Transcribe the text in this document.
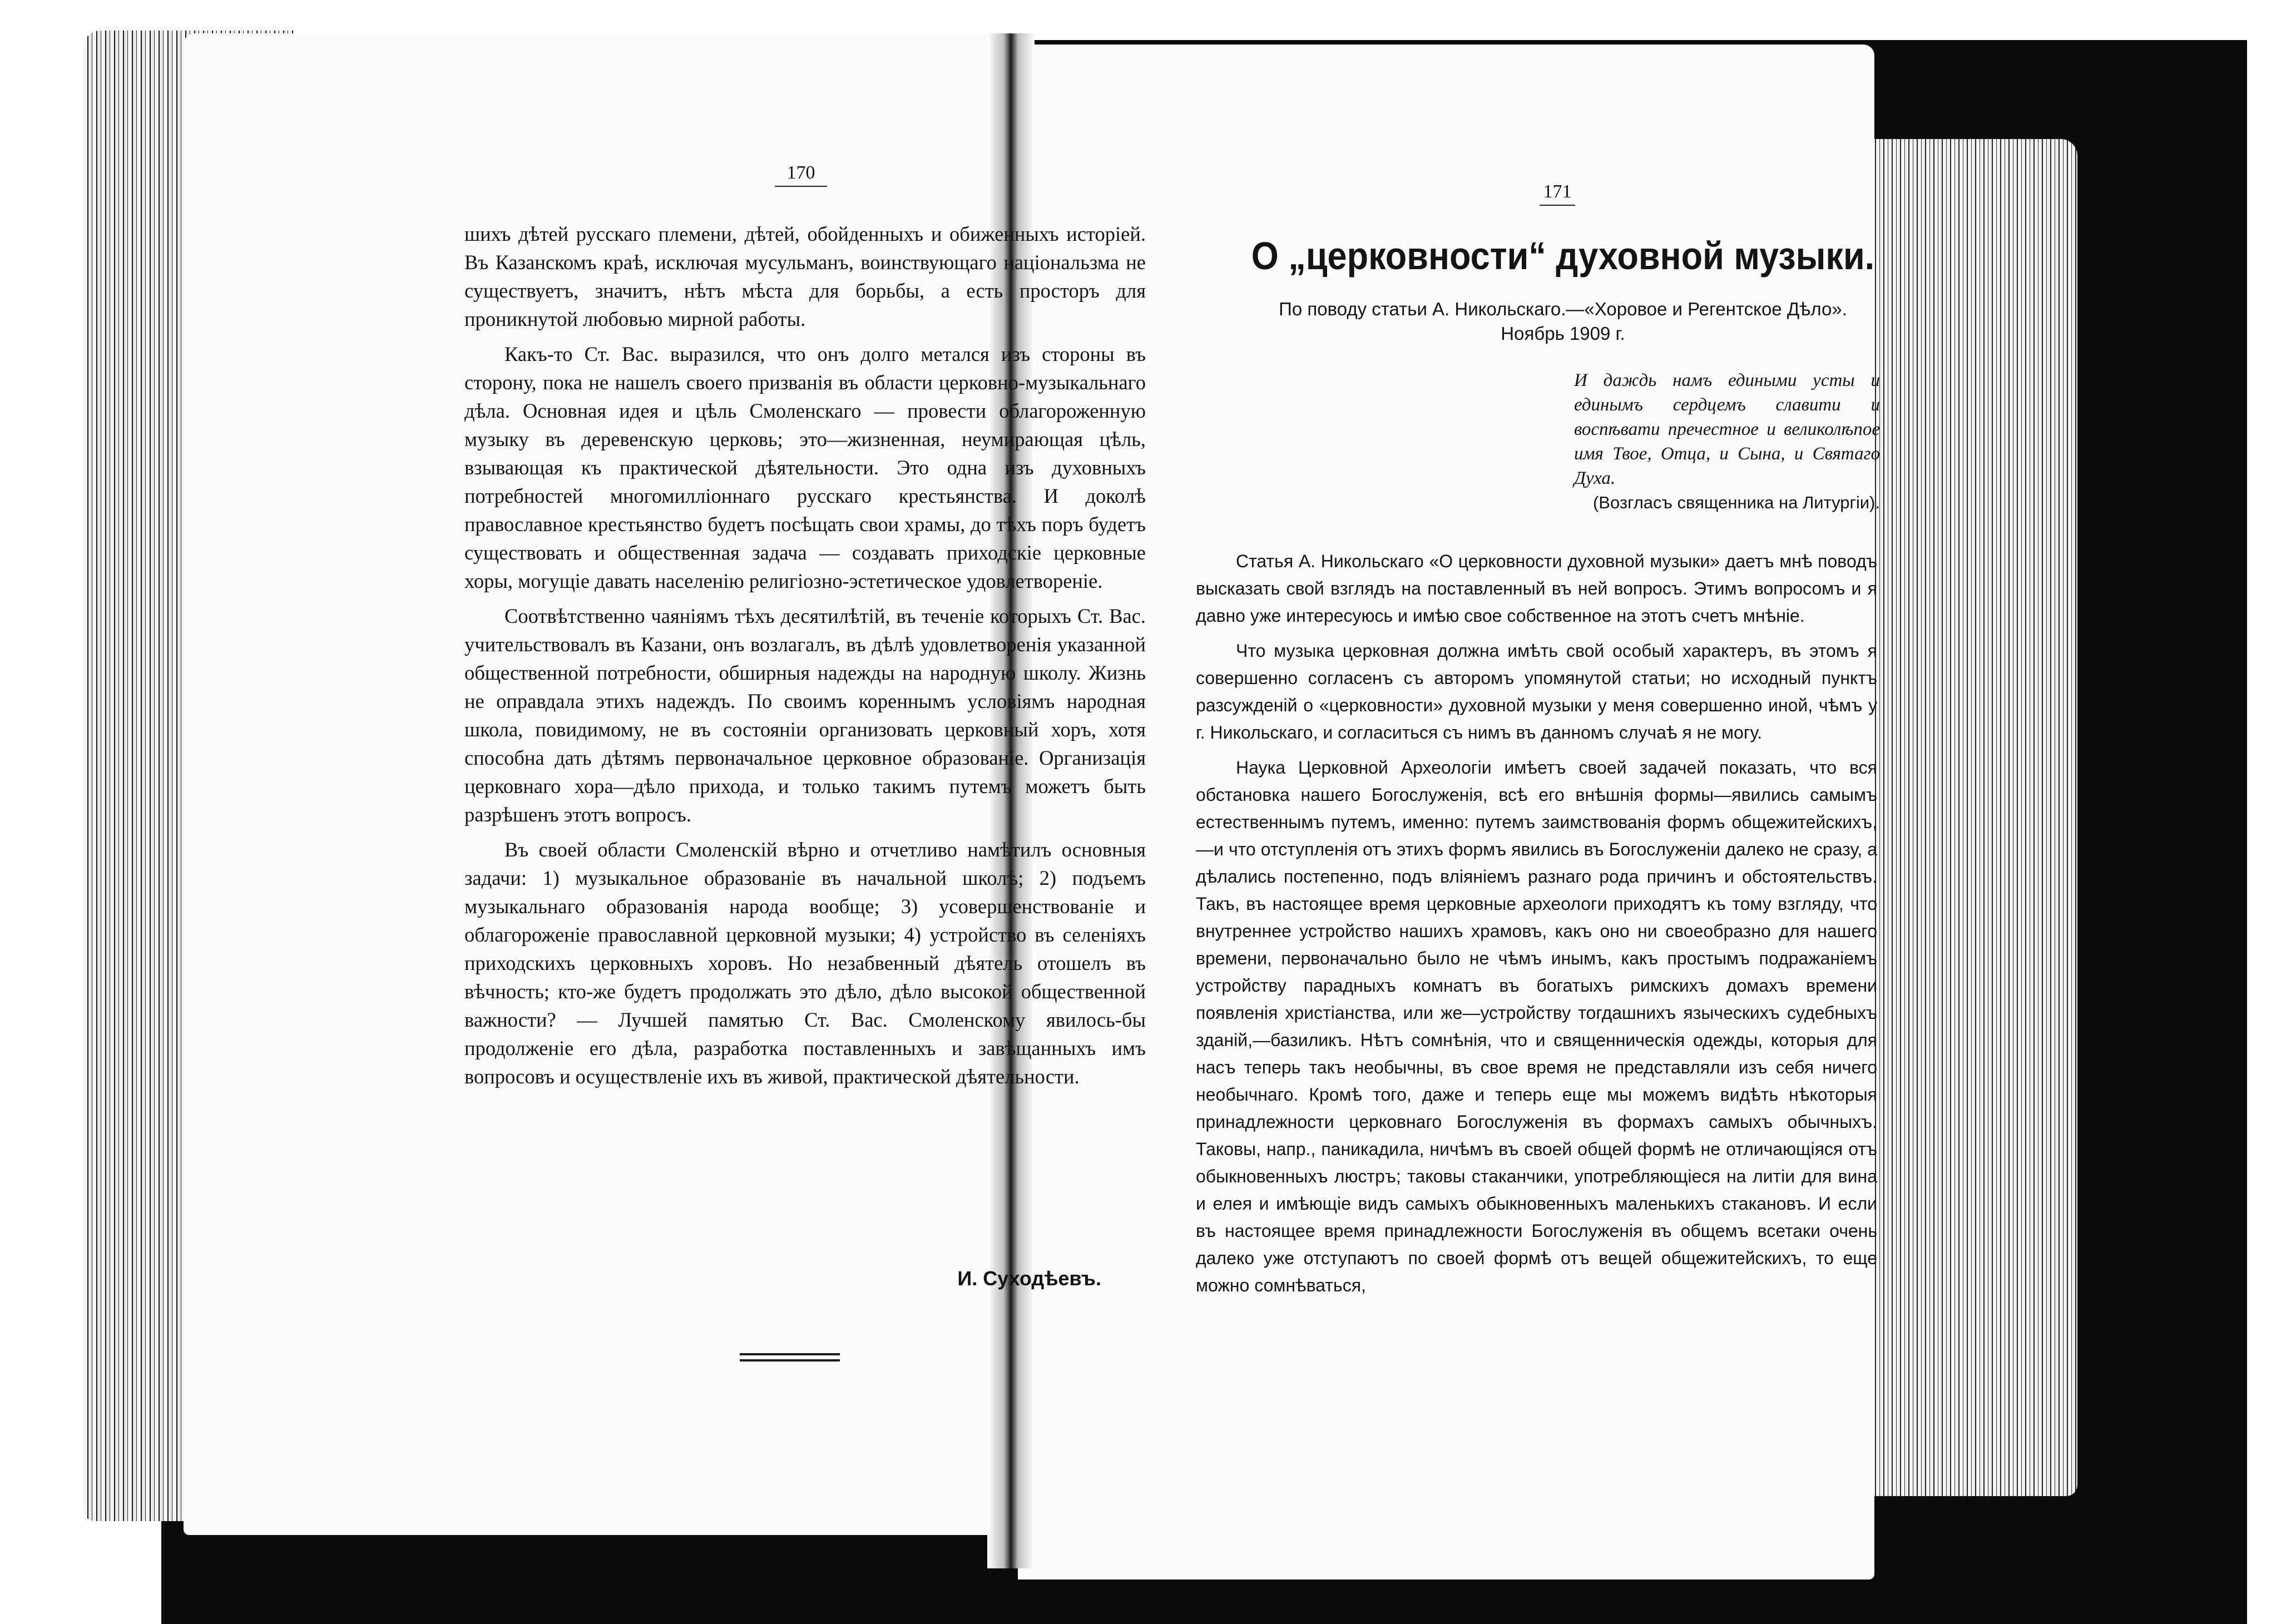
170

шихъ дѣтей русскаго племени, дѣтей, обойденныхъ и обиженныхъ исторіей. Въ Казанскомъ краѣ, исключая мусульманъ, воинствующаго національзма не существуетъ, значитъ, нѣтъ мѣста для борьбы, а есть просторъ для проникнутой любовью мирной работы.

Какъ-то Ст. Вас. выразился, что онъ долго метался изъ стороны въ сторону, пока не нашелъ своего призванія въ области церковно-музыкальнаго дѣла. Основная идея и цѣль Смоленскаго — провести облагороженную музыку въ деревенскую церковь; это—жизненная, неумирающая цѣль, взывающая къ практической дѣятельности. Это одна изъ духовныхъ потребностей многомилліоннаго русскаго крестьянства. И доколѣ православное крестьянство будетъ посѣщать свои храмы, до тѣхъ поръ будетъ существовать и общественная задача — создавать приходскіе церковные хоры, могущіе давать населенію религіозно-эстетическое удовлетвореніе.

Соотвѣтственно чаяніямъ тѣхъ десятилѣтій, въ теченіе которыхъ Ст. Вас. учительствовалъ въ Казани, онъ возлагалъ, въ дѣлѣ удовлетворенія указанной общественной потребности, обширныя надежды на народную школу. Жизнь не оправдала этихъ надеждъ. По своимъ кореннымъ условіямъ народная школа, повидимому, не въ состояніи организовать церковный хоръ, хотя способна дать дѣтямъ первоначальное церковное образованіе. Организація церковнаго хора—дѣло прихода, и только такимъ путемъ можетъ быть разрѣшенъ этотъ вопросъ.

Въ своей области Смоленскій вѣрно и отчетливо намѣтилъ основныя задачи: 1) музыкальное образованіе въ начальной школѣ; 2) подъемъ музыкальнаго образованія народа вообще; 3) усовершенствованіе и облагороженіе православной церковной музыки; 4) устройство въ селеніяхъ приходскихъ церковныхъ хоровъ. Но незабвенный дѣятель отошелъ въ вѣчность; кто-же будетъ продолжать это дѣло, дѣло высокой общественной важности? — Лучшей памятью Ст. Вас. Смоленскому явилось-бы продолженіе его дѣла, разработка поставленныхъ и завѣщанныхъ имъ вопросовъ и осуществленіе ихъ въ живой, практической дѣятельности.

И. Суходѣевъ.
171
О „церковности“ духовной музыки.
По поводу статьи А. Никольскаго.—«Хоровое и Регентское Дѣло».
Ноябрь 1909 г.
И даждь намъ едиными усты и единымъ сердцемъ славити и воспѣвати пречестное и великолѣпое имя Твое, Отца, и Сына, и Святаго Духа.
(Возгласъ священника на Литургіи).

Статья А. Никольскаго «О церковности духовной музыки» даетъ мнѣ поводъ высказать свой взглядъ на поставленный въ ней вопросъ. Этимъ вопросомъ и я давно уже интересуюсь и имѣю свое собственное на этотъ счетъ мнѣніе.

Что музыка церковная должна имѣть свой особый характеръ, въ этомъ я совершенно согласенъ съ авторомъ упомянутой статьи; но исходный пунктъ разсужденій о «церковности» духовной музыки у меня совершенно иной, чѣмъ у г. Никольскаго, и согласиться съ нимъ въ данномъ случаѣ я не могу.

Наука Церковной Археологіи имѣетъ своей задачей показать, что вся обстановка нашего Богослуженія, всѣ его внѣшнія формы—явились самымъ естественнымъ путемъ, именно: путемъ заимствованія формъ общежитейскихъ,—и что отступленія отъ этихъ формъ явились въ Богослуженіи далеко не сразу, а дѣлались постепенно, подъ вліяніемъ разнаго рода причинъ и обстоятельствъ. Такъ, въ настоящее время церковные археологи приходятъ къ тому взгляду, что внутреннее устройство нашихъ храмовъ, какъ оно ни своеобразно для нашего времени, первоначально было не чѣмъ инымъ, какъ простымъ подражаніемъ устройству парадныхъ комнатъ въ богатыхъ римскихъ домахъ времени появленія христіанства, или же—устройству тогдашнихъ языческихъ судебныхъ зданій,—базиликъ. Нѣтъ сомнѣнія, что и священническія одежды, которыя для насъ теперь такъ необычны, въ свое время не представляли изъ себя ничего необычнаго. Кромѣ того, даже и теперь еще мы можемъ видѣть нѣкоторыя принадлежности церковнаго Богослуженія въ формахъ самыхъ обычныхъ. Таковы, напр., паникадила, ничѣмъ въ своей общей формѣ не отличающіяся отъ обыкновенныхъ люстръ; таковы стаканчики, употребляющіеся на литіи для вина и елея и имѣющіе видъ самыхъ обыкновенныхъ маленькихъ стакановъ. И если въ настоящее время принадлежности Богослуженія въ общемъ всетаки очень далеко уже отступаютъ по своей формѣ отъ вещей общежитейскихъ, то еще можно сомнѣваться,
